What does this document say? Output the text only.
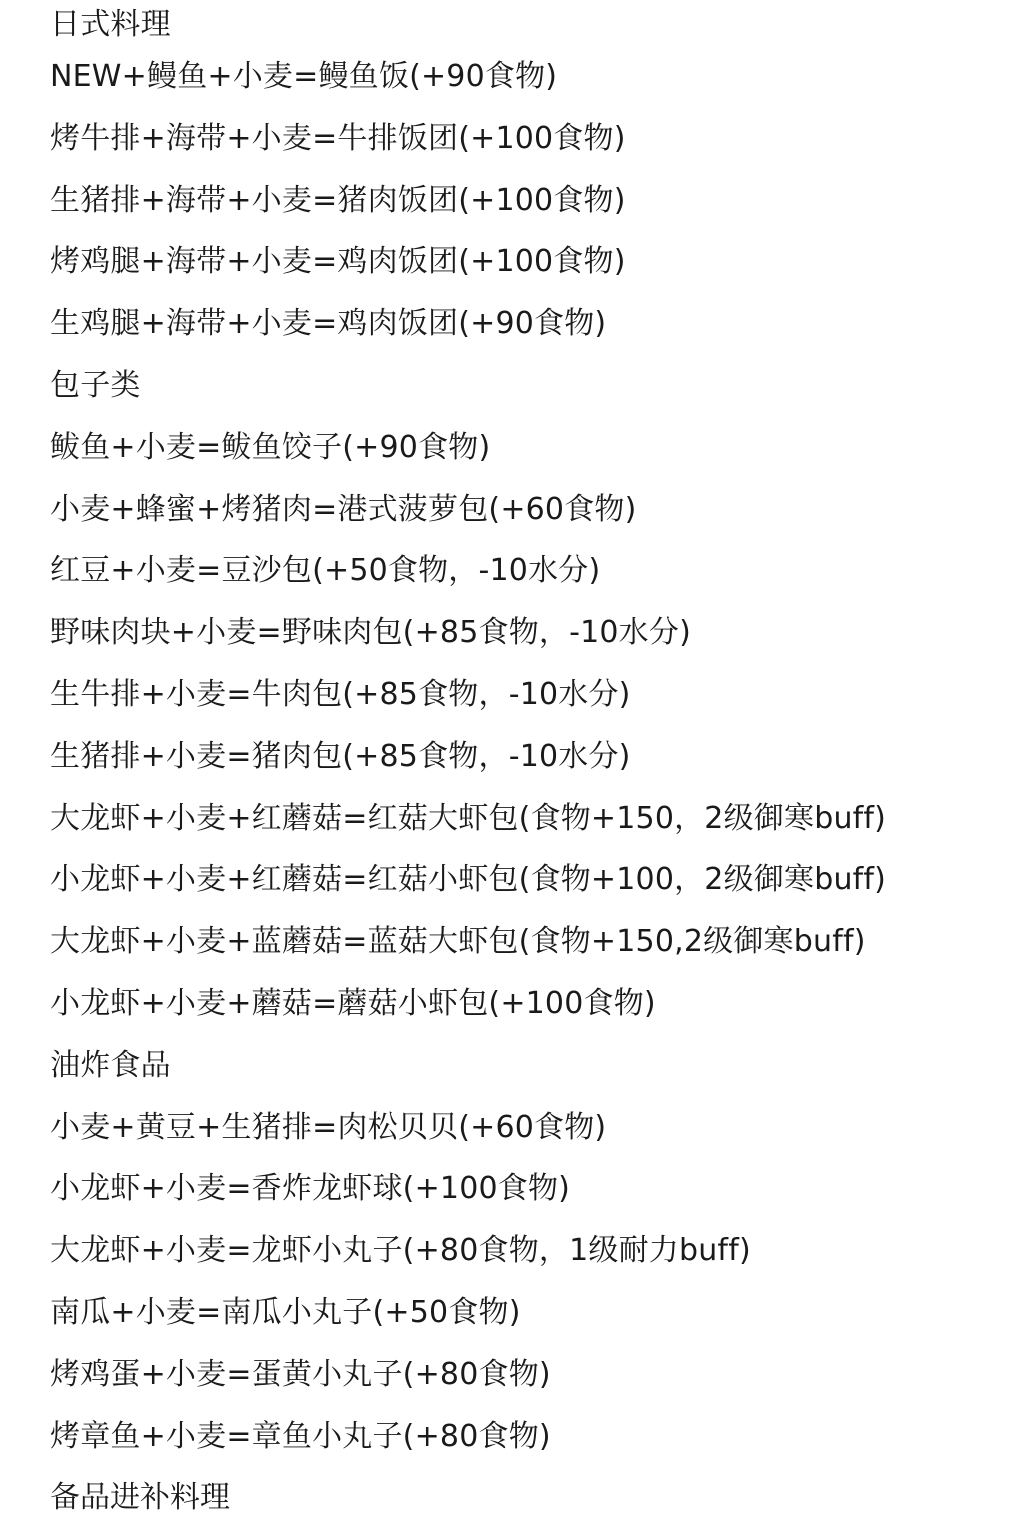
日式料理
NEW+鳗鱼+小麦=鳗鱼饭(+90食物)
烤牛排+海带+小麦=牛排饭团(+100食物)
生猪排+海带+小麦=猪肉饭团(+100食物)
烤鸡腿+海带+小麦=鸡肉饭团(+100食物)
生鸡腿+海带+小麦=鸡肉饭团(+90食物)
包子类
鲅鱼+小麦=鲅鱼饺子(+90食物)
小麦+蜂蜜+烤猪肉=港式菠萝包(+60食物)
红豆+小麦=豆沙包(+50食物，-10水分)
野味肉块+小麦=野味肉包(+85食物，-10水分)
生牛排+小麦=牛肉包(+85食物，-10水分)
生猪排+小麦=猪肉包(+85食物，-10水分)
大龙虾+小麦+红蘑菇=红菇大虾包(食物+150，2级御寒buff)
小龙虾+小麦+红蘑菇=红菇小虾包(食物+100，2级御寒buff)
大龙虾+小麦+蓝蘑菇=蓝菇大虾包(食物+150,2级御寒buff)
小龙虾+小麦+蘑菇=蘑菇小虾包(+100食物)
油炸食品
小麦+黄豆+生猪排=肉松贝贝(+60食物)
小龙虾+小麦=香炸龙虾球(+100食物)
大龙虾+小麦=龙虾小丸子(+80食物，1级耐力buff)
南瓜+小麦=南瓜小丸子(+50食物)
烤鸡蛋+小麦=蛋黄小丸子(+80食物)
烤章鱼+小麦=章鱼小丸子(+80食物)
备品进补料理
